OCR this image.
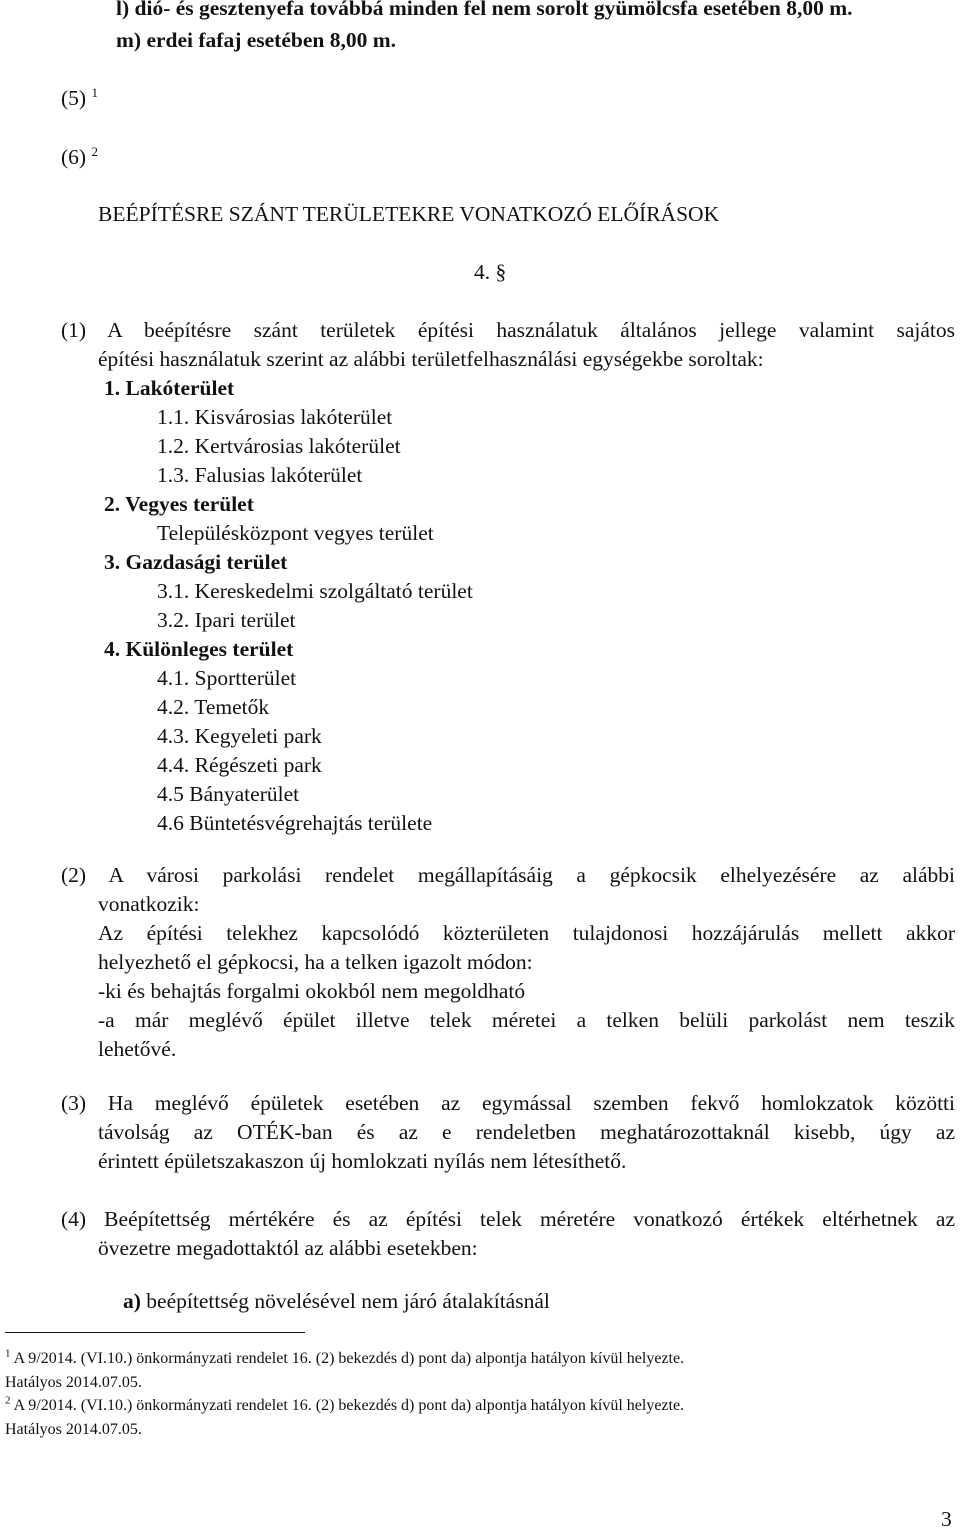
l) dió- és gesztenyefa továbbá minden fel nem sorolt gyümölcsfa esetében 8,00 m.
m) erdei fafaj esetében 8,00 m.
(5) $^1$
(6) $^2$
BEÉPÍTÉSRE SZÁNT TERÜLETEKRE VONATKOZÓ ELŐÍRÁSOK
4. §
(1) A beépítésre szánt területek építési használatuk általános jellege valamint sajátos
építési használatuk szerint az alábbi területfelhasználási egységekbe soroltak:
1. Lakóterület
1.1. Kisvárosias lakóterület
1.2. Kertvárosias lakóterület
1.3. Falusias lakóterület
2. Vegyes terület
Településközpont vegyes terület
3. Gazdasági terület
3.1. Kereskedelmi szolgáltató terület
3.2. Ipari terület
4. Különleges terület
4.1. Sportterület
4.2. Temetők
4.3. Kegyeleti park
4.4. Régészeti park
4.5 Bányaterület
4.6 Büntetésvégrehajtás területe
(2) A városi parkolási rendelet megállapításáig a gépkocsik elhelyezésére az alábbi
vonatkozik:
Az építési telekhez kapcsolódó közterületen tulajdonosi hozzájárulás mellett akkor
helyezhető el gépkocsi, ha a telken igazolt módon:
-ki és behajtás forgalmi okokból nem megoldható
-a már meglévő épület illetve telek méretei a telken belüli parkolást nem teszik
lehetővé.
(3) Ha meglévő épületek esetében az egymással szemben fekvő homlokzatok közötti
távolság az OTÉK-ban és az e rendeletben meghatározottaknál kisebb, úgy az
érintett épületszakaszon új homlokzati nyílás nem létesíthető.
(4) Beépítettség mértékére és az építési telek méretére vonatkozó értékek eltérhetnek az
övezetre megadottaktól az alábbi esetekben:
a) beépítettség növelésével nem járó átalakításnál
$^1$ A 9/2014. (VI.10.) önkormányzati rendelet 16. (2) bekezdés d) pont da) alpontja hatályon kívül helyezte.
Hatályos 2014.07.05.
$^2$ A 9/2014. (VI.10.) önkormányzati rendelet 16. (2) bekezdés d) pont da) alpontja hatályon kívül helyezte.
Hatályos 2014.07.05.
3
